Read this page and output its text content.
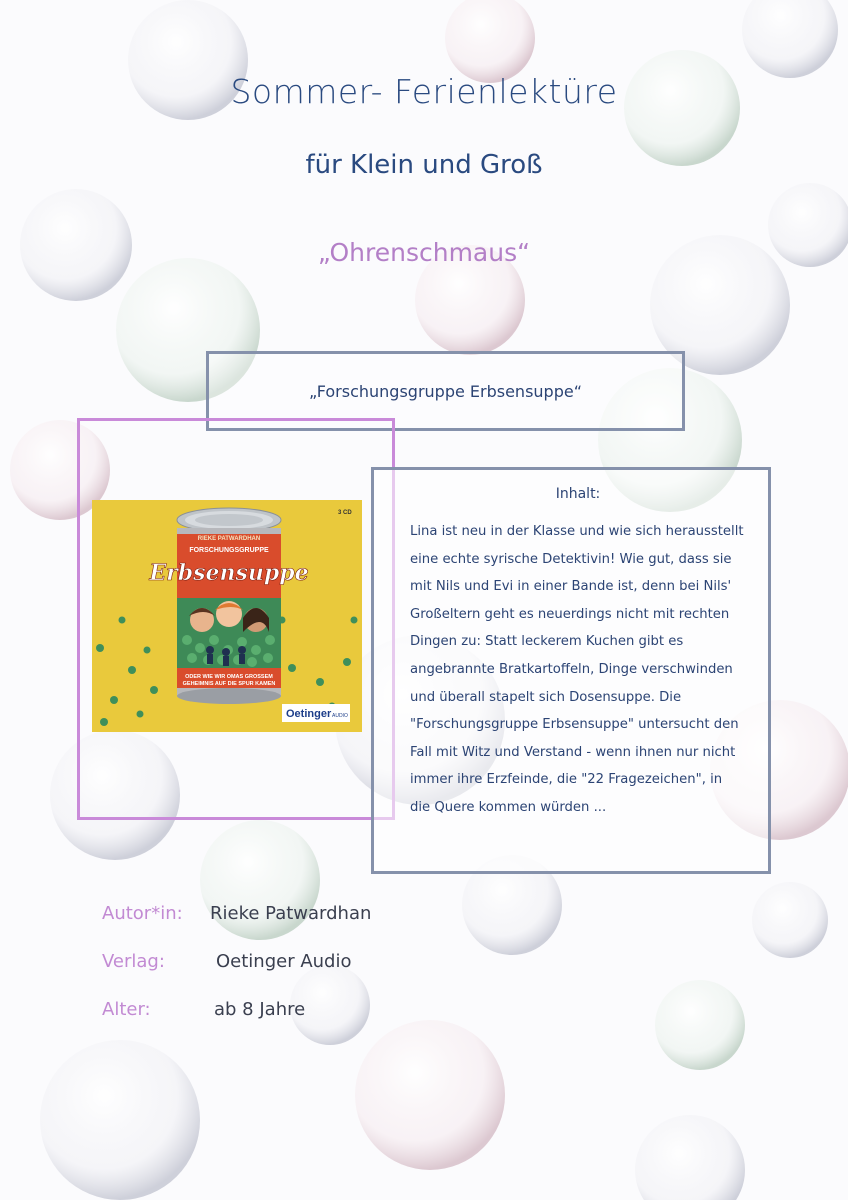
Sommer- Ferienlektüre
für Klein und Groß
„Ohrenschmaus“
„Forschungsgruppe Erbsensuppe“
3 CD
RIEKE PATWARDHAN
FORSCHUNGSGRUPPE
Erbsensuppe
ODER WIE WIR OMAS GROSSEM
GEHEIMNIS AUF DIE SPUR KAMEN
Oetinger AUDIO
Inhalt:
Lina ist neu in der Klasse und wie sich herausstellt eine echte syrische Detektivin! Wie gut, dass sie mit Nils und Evi in einer Bande ist, denn bei Nils' Großeltern geht es neuerdings nicht mit rechten Dingen zu: Statt leckerem Kuchen gibt es angebrannte Bratkartoffeln, Dinge verschwinden und überall stapelt sich Dosensuppe. Die "Forschungsgruppe Erbsensuppe" untersucht den Fall mit Witz und Verstand - wenn ihnen nur nicht immer ihre Erzfeinde, die "22 Fragezeichen", in die Quere kommen würden ...
Autor*in:	Rieke Patwardhan
Verlag:	Oetinger Audio
Alter:	ab 8 Jahre
